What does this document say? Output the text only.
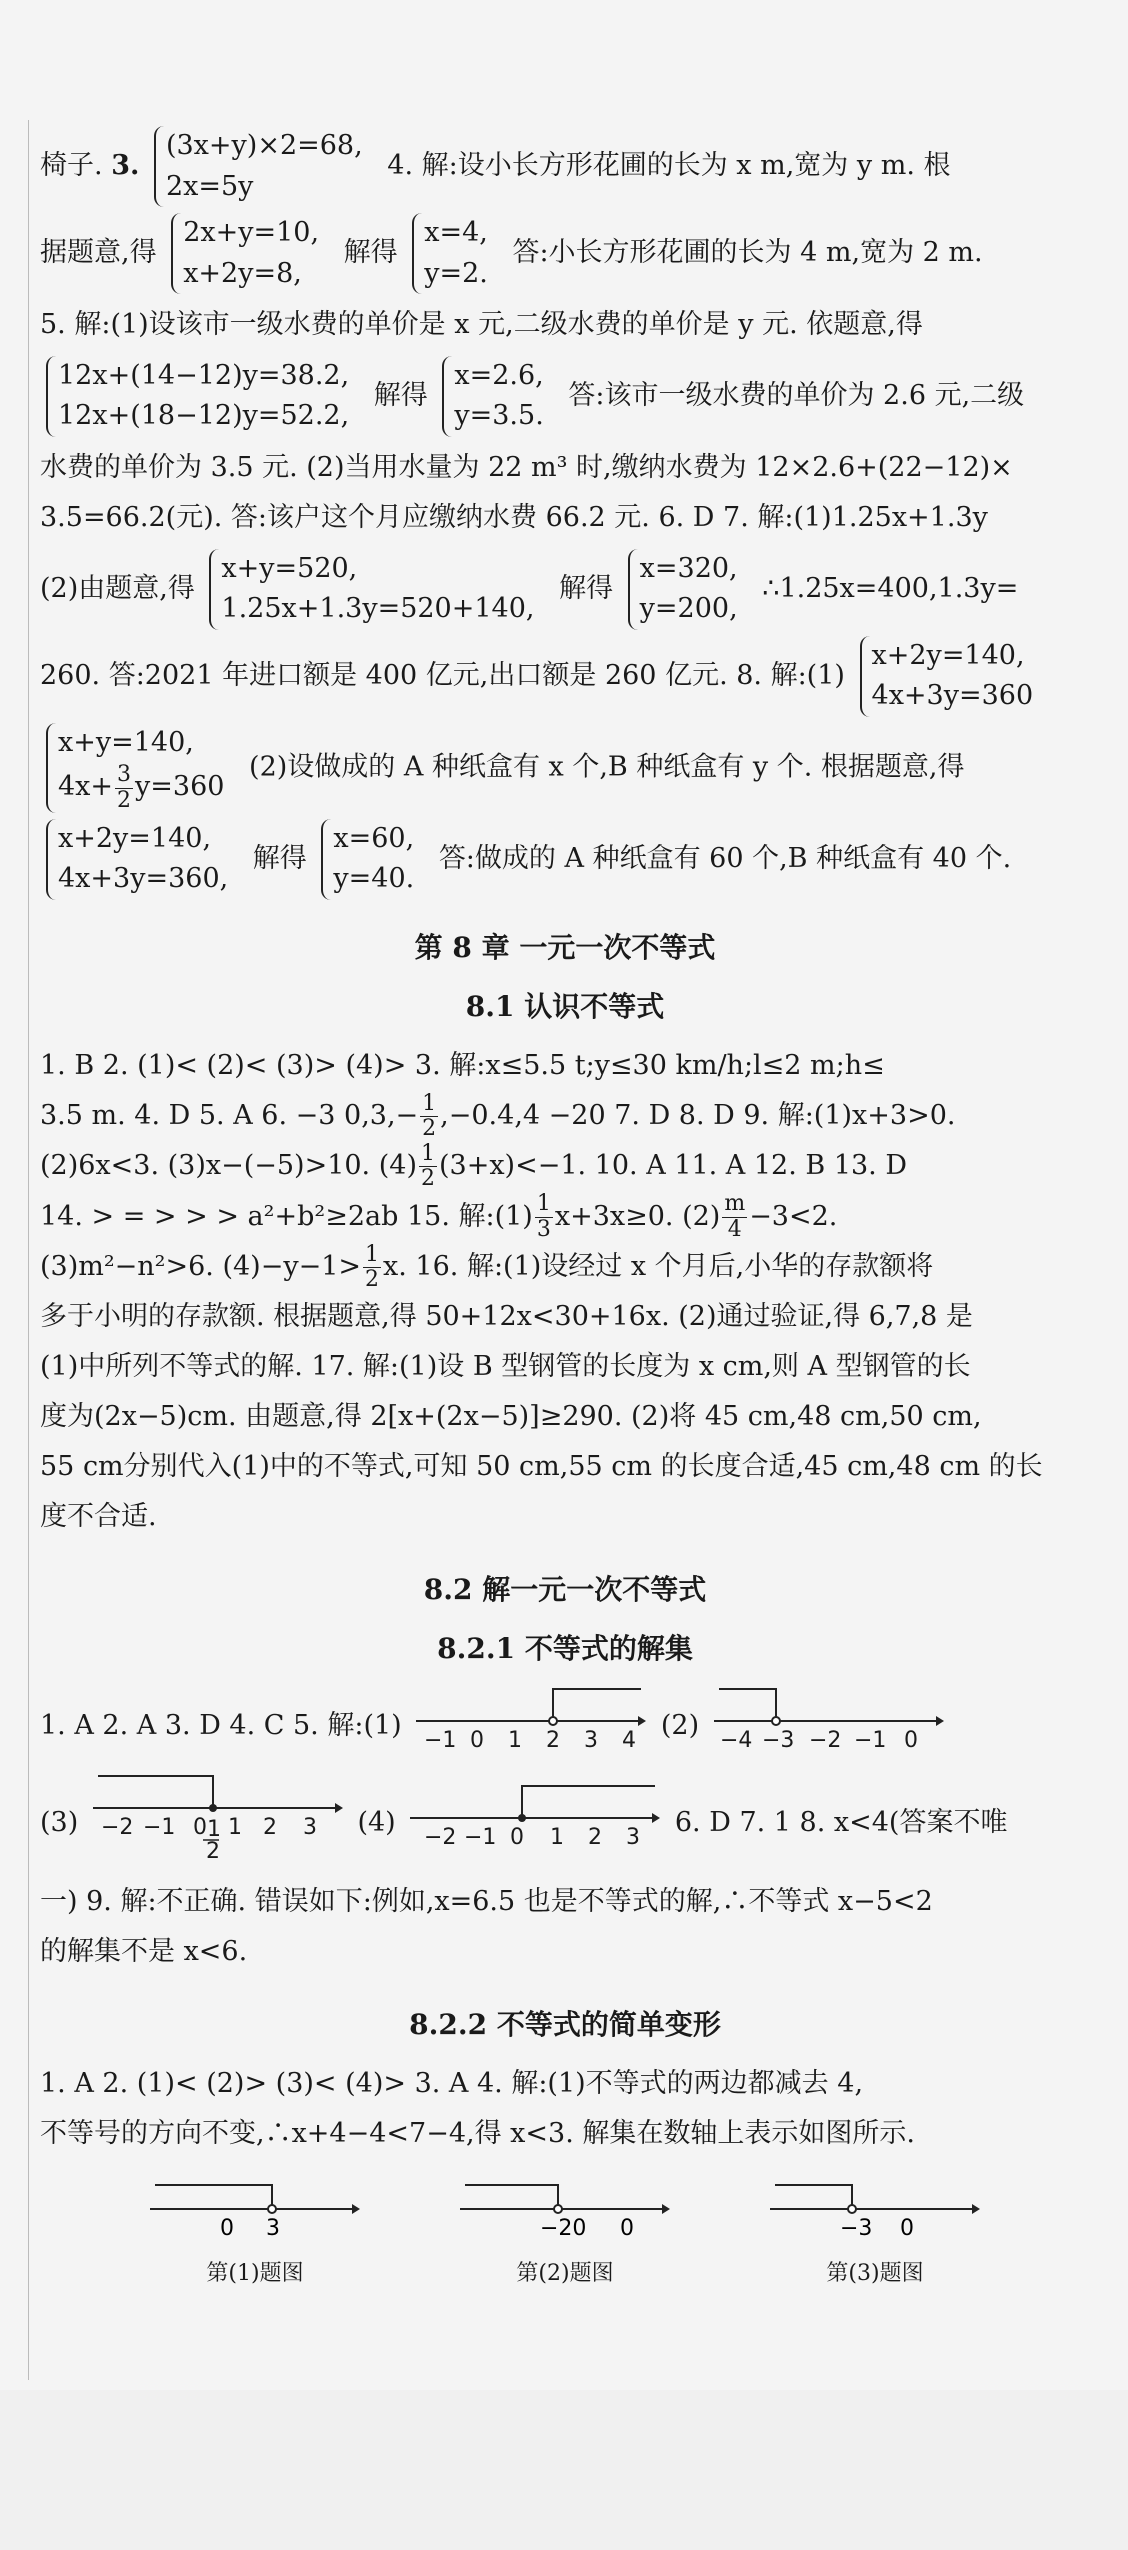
椅子. 3.
(3x+y)×2=68,
2x=5y
4. 解:设小长方形花圃的长为 x m,宽为 y m. 根

据题意,得
2x+y=10,
x+2y=8,
解得
x=4,
y=2.
答:小长方形花圃的长为 4 m,宽为 2 m.

5. 解:(1)设该市一级水费的单价是 x 元,二级水费的单价是 y 元. 依题意,得

12x+(14−12)y=38.2,
12x+(18−12)y=52.2,
解得
x=2.6,
y=3.5.
答:该市一级水费的单价为 2.6 元,二级

水费的单价为 3.5 元. (2)当用水量为 22 m³ 时,缴纳水费为 12×2.6+(22−12)×

3.5=66.2(元). 答:该户这个月应缴纳水费 66.2 元. 6. D 7. 解:(1)1.25x+1.3y

(2)由题意,得
x+y=520,
1.25x+1.3y=520+140,
解得
x=320,
y=200,
∴1.25x=400,1.3y=

260. 答:2021 年进口额是 400 亿元,出口额是 260 亿元. 8. 解:(1)
x+2y=140,
4x+3y=360

x+y=140,
$4x+ \frac{3}{2} y=360$
(2)设做成的 A 种纸盒有 x 个,B 种纸盒有 y 个. 根据题意,得

x+2y=140,
4x+3y=360,
解得
x=60,
y=40.
答:做成的 A 种纸盒有 60 个,B 种纸盒有 40 个.

第 8 章 一元一次不等式
8.1 认识不等式

1. B 2. (1)< (2)< (3)> (4)> 3. 解:x≤5.5 t;y≤30 km/h;l≤2 m;h≤

3.5 m. 4. D 5. A 6. −3 $0,3,- \frac{1}{2} ,-0.4,4 -20$ 7. D 8. D 9. 解:(1)x+3>0.

(2)6x<3. (3)x−(−5)>10. $(4) \frac{1}{2} (3+x)<-1$. 10. A 11. A 12. B 13. D

14. > = > > > a²+b²≥2ab 15. 解:(1) $\frac{1}{3} x+3x\ge 0$. $(2) \frac{m}{4} -3<2$.

(3)m²−n²>6. $(4)-y-1> \frac{1}{2} x$. 16. 解:(1)设经过 x 个月后,小华的存款额将

多于小明的存款额. 根据题意,得 50+12x<30+16x. (2)通过验证,得 6,7,8 是

(1)中所列不等式的解. 17. 解:(1)设 B 型钢管的长度为 x cm,则 A 型钢管的长

度为(2x−5)cm. 由题意,得 2[x+(2x−5)]≥290. (2)将 45 cm,48 cm,50 cm,

55 cm分别代入(1)中的不等式,可知 50 cm,55 cm 的长度合适,45 cm,48 cm 的长

度不合适.

8.2 解一元一次不等式
8.2.1 不等式的解集

1. A 2. A 3. D 4. C 5. 解:(1) −1 0 1 2 3 4 (2) −4 −3 −2 −1 0

(3) −2 −1 0 1 2 3
1
2
(4) −2 −1 0 1 2 3 6. D 7. 1 8. x<4(答案不唯

一) 9. 解:不正确. 错误如下:例如,x=6.5 也是不等式的解,∴不等式 x−5<2

的解集不是 x<6.

8.2.2 不等式的简单变形

1. A 2. (1)< (2)> (3)< (4)> 3. A 4. 解:(1)不等式的两边都减去 4,

不等号的方向不变,∴x+4−4<7−4,得 x<3. 解集在数轴上表示如图所示.

0 3
第(1)题图
−20 0
第(2)题图
−3 0
第(3)题图
